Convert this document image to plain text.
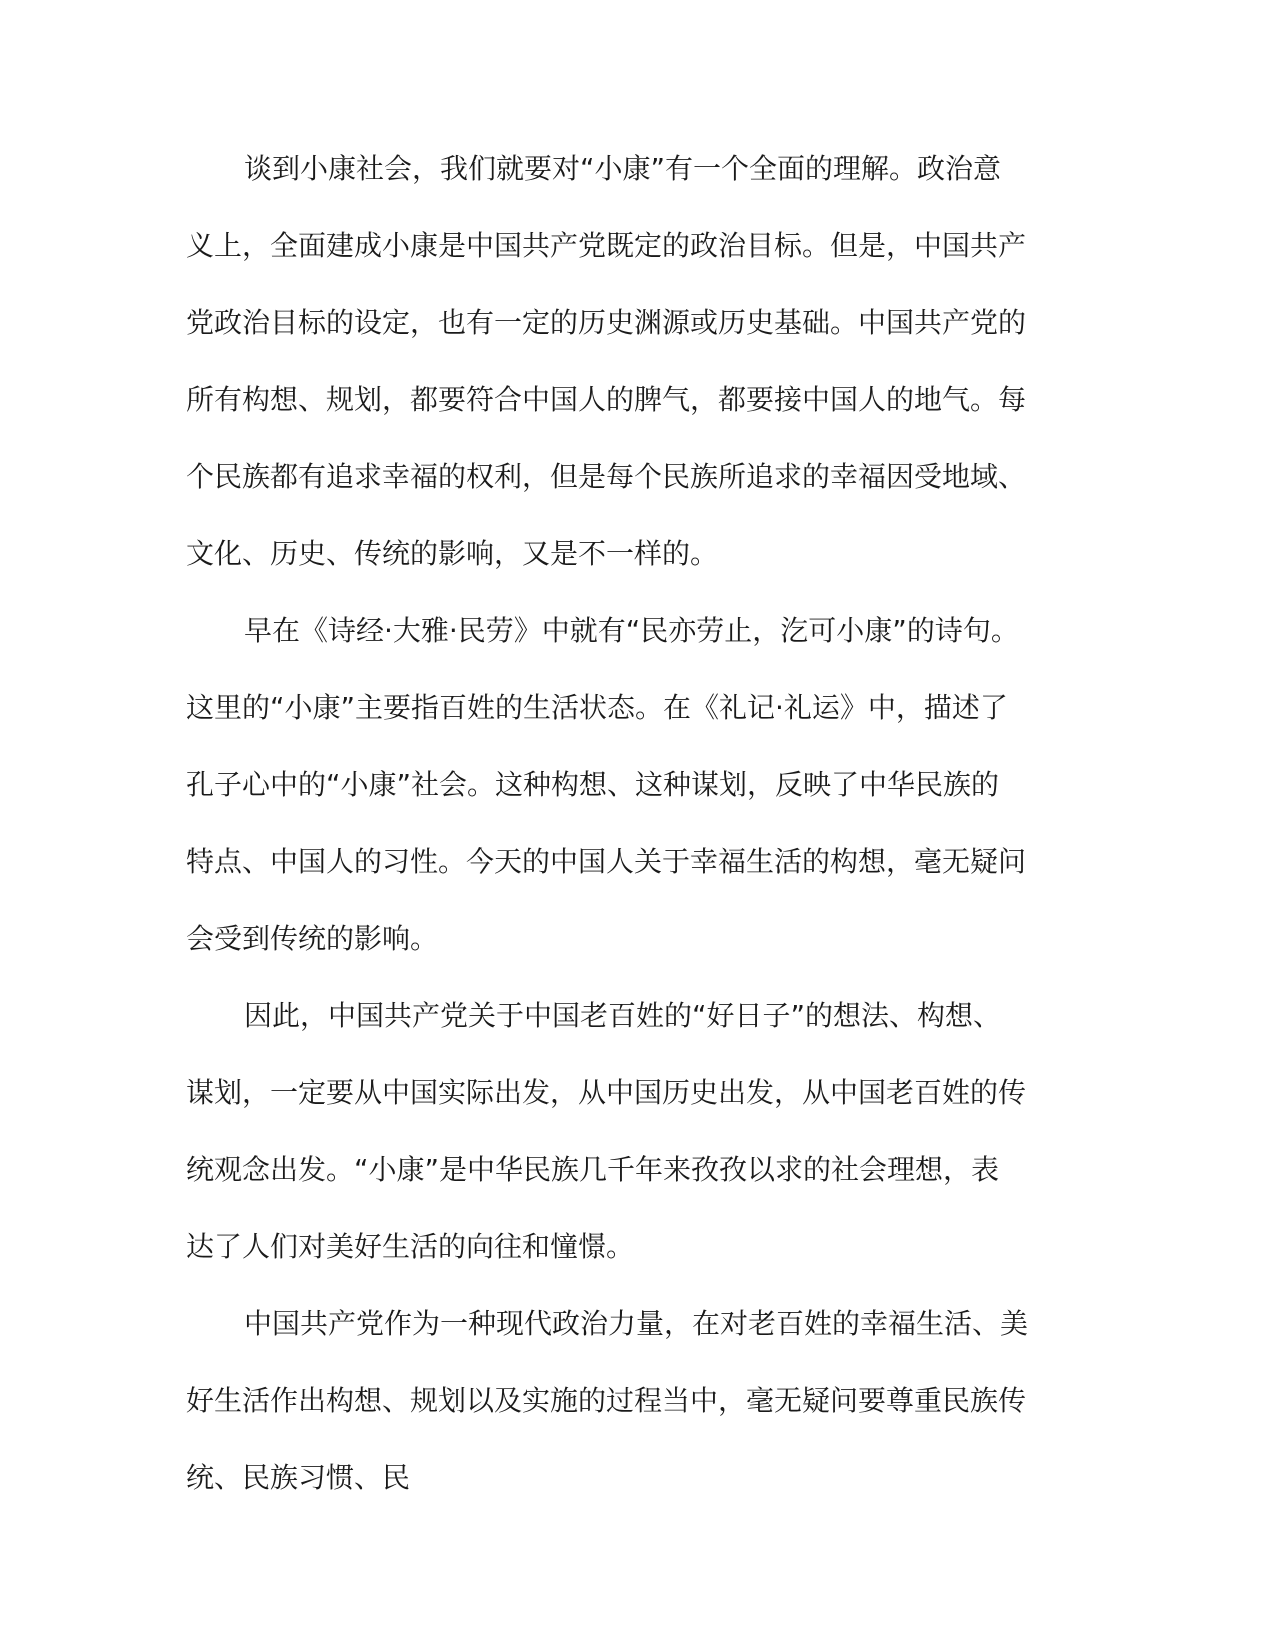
谈到小康社会，我们就要对“小康”有一个全面的理解。政治意
义上，全面建成小康是中国共产党既定的政治目标。但是，中国共产
党政治目标的设定，也有一定的历史渊源或历史基础。中国共产党的
所有构想、规划，都要符合中国人的脾气，都要接中国人的地气。每
个民族都有追求幸福的权利，但是每个民族所追求的幸福因受地域、
文化、历史、传统的影响，又是不一样的。
早在《诗经·大雅·民劳》中就有“民亦劳止，汔可小康”的诗句。
这里的“小康”主要指百姓的生活状态。在《礼记·礼运》中，描述了
孔子心中的“小康”社会。这种构想、这种谋划，反映了中华民族的
特点、中国人的习性。今天的中国人关于幸福生活的构想，毫无疑问
会受到传统的影响。
因此，中国共产党关于中国老百姓的“好日子”的想法、构想、
谋划，一定要从中国实际出发，从中国历史出发，从中国老百姓的传
统观念出发。“小康”是中华民族几千年来孜孜以求的社会理想，表
达了人们对美好生活的向往和憧憬。
中国共产党作为一种现代政治力量，在对老百姓的幸福生活、美
好生活作出构想、规划以及实施的过程当中，毫无疑问要尊重民族传
统、民族习惯、民
